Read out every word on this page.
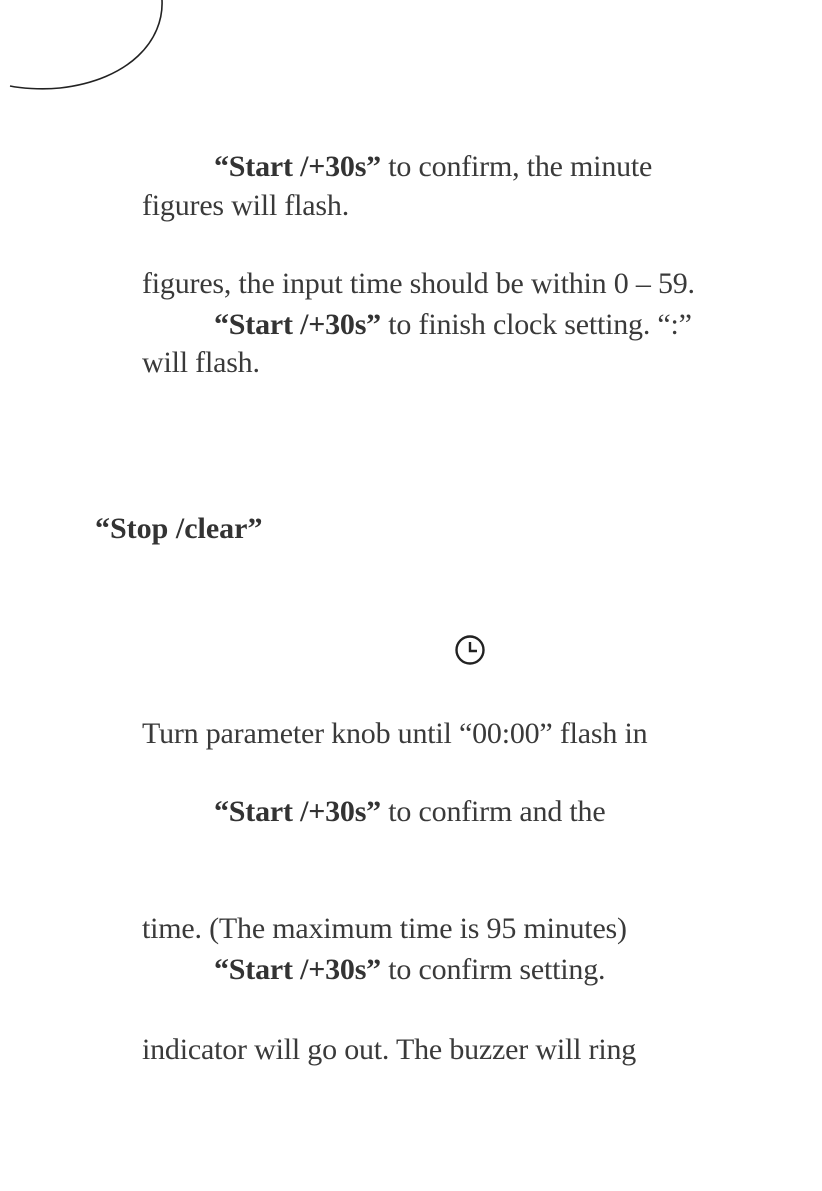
“Start /+30s” to confirm, the minute
figures will flash.
figures, the input time should be within 0 – 59.
“Start /+30s” to finish clock setting. “:”
will flash.
“Stop /clear”
Turn parameter knob until “00:00” flash in
“Start /+30s” to confirm and the
time. (The maximum time is 95 minutes)
“Start /+30s” to confirm setting.
indicator will go out. The buzzer will ring
